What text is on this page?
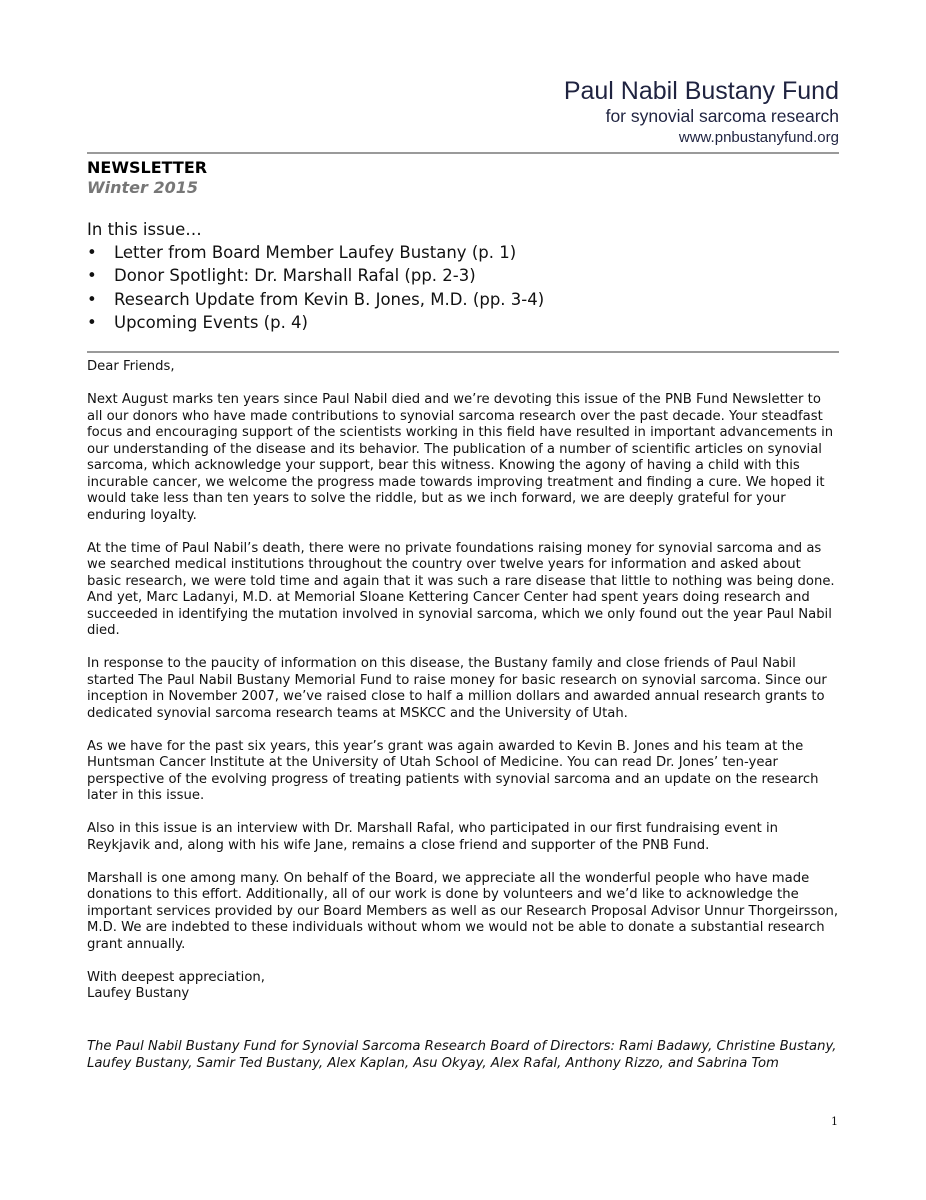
Paul Nabil Bustany Fund
for synovial sarcoma research
www.pnbustanyfund.org
NEWSLETTER
Winter 2015
In this issue…
• Letter from Board Member Laufey Bustany (p. 1)
• Donor Spotlight: Dr. Marshall Rafal (pp. 2-3)
• Research Update from Kevin B. Jones, M.D. (pp. 3-4)
• Upcoming Events (p. 4)

Dear Friends,

Next August marks ten years since Paul Nabil died and we’re devoting this issue of the PNB Fund Newsletter to all our donors who have made contributions to synovial sarcoma research over the past decade. Your steadfast focus and encouraging support of the scientists working in this field have resulted in important advancements in our understanding of the disease and its behavior. The publication of a number of scientific articles on synovial sarcoma, which acknowledge your support, bear this witness. Knowing the agony of having a child with this incurable cancer, we welcome the progress made towards improving treatment and finding a cure. We hoped it would take less than ten years to solve the riddle, but as we inch forward, we are deeply grateful for your enduring loyalty.

At the time of Paul Nabil’s death, there were no private foundations raising money for synovial sarcoma and as we searched medical institutions throughout the country over twelve years for information and asked about basic research, we were told time and again that it was such a rare disease that little to nothing was being done. And yet, Marc Ladanyi, M.D. at Memorial Sloane Kettering Cancer Center had spent years doing research and succeeded in identifying the mutation involved in synovial sarcoma, which we only found out the year Paul Nabil died.

In response to the paucity of information on this disease, the Bustany family and close friends of Paul Nabil started The Paul Nabil Bustany Memorial Fund to raise money for basic research on synovial sarcoma. Since our inception in November 2007, we’ve raised close to half a million dollars and awarded annual research grants to dedicated synovial sarcoma research teams at MSKCC and the University of Utah.

As we have for the past six years, this year’s grant was again awarded to Kevin B. Jones and his team at the Huntsman Cancer Institute at the University of Utah School of Medicine. You can read Dr. Jones’ ten-year perspective of the evolving progress of treating patients with synovial sarcoma and an update on the research later in this issue.

Also in this issue is an interview with Dr. Marshall Rafal, who participated in our first fundraising event in Reykjavik and, along with his wife Jane, remains a close friend and supporter of the PNB Fund.

Marshall is one among many. On behalf of the Board, we appreciate all the wonderful people who have made donations to this effort. Additionally, all of our work is done by volunteers and we’d like to acknowledge the important services provided by our Board Members as well as our Research Proposal Advisor Unnur Thorgeirsson, M.D. We are indebted to these individuals without whom we would not be able to donate a substantial research grant annually.

With deepest appreciation,
Laufey Bustany

The Paul Nabil Bustany Fund for Synovial Sarcoma Research Board of Directors: Rami Badawy, Christine Bustany, Laufey Bustany, Samir Ted Bustany, Alex Kaplan, Asu Okyay, Alex Rafal, Anthony Rizzo, and Sabrina Tom

1
